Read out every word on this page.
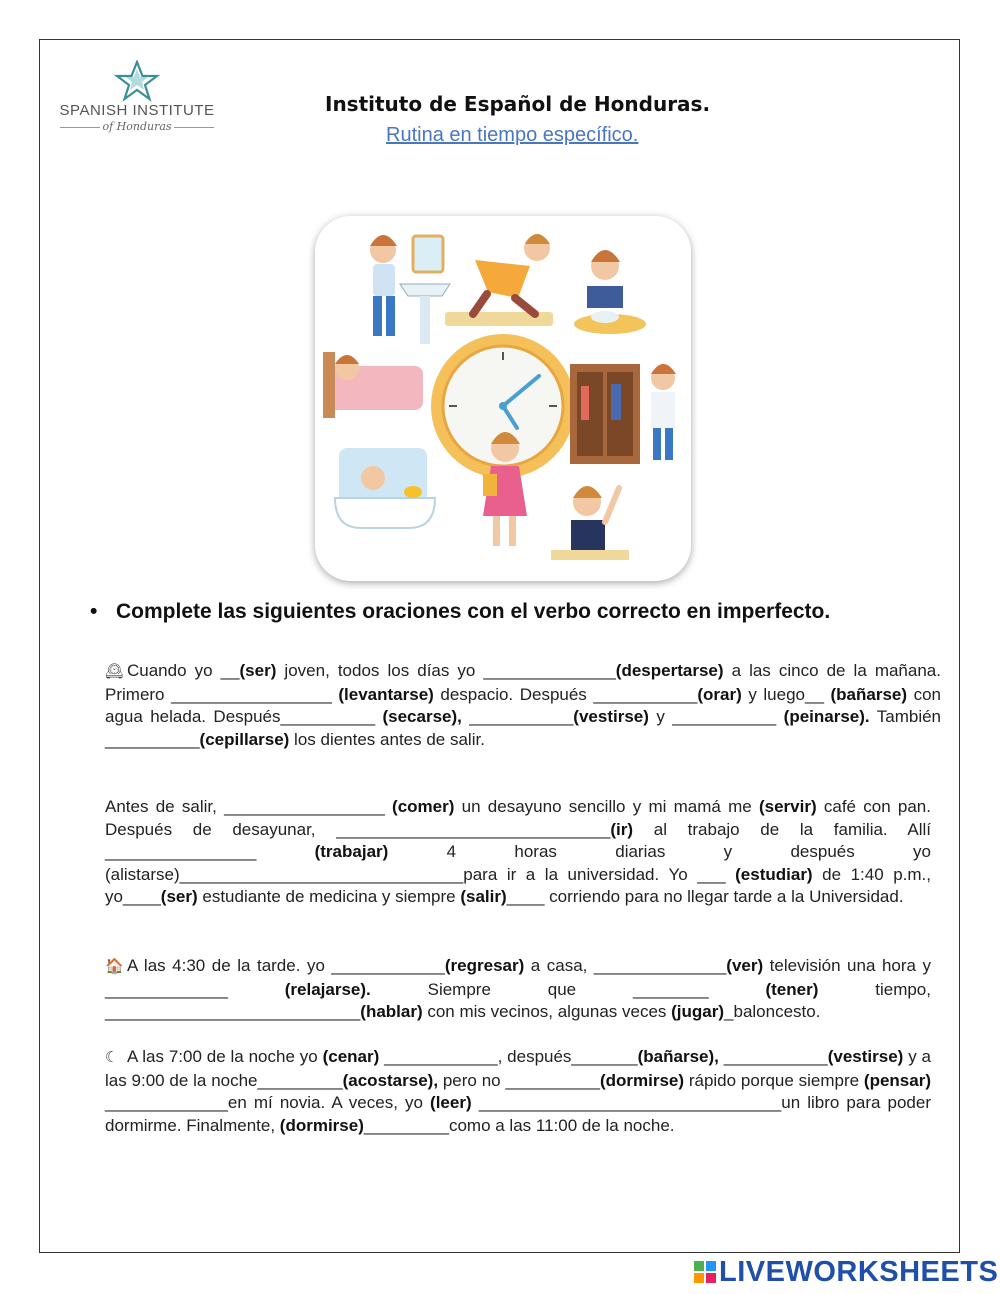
SPANISH INSTITUTE
of Honduras
Instituto de Español de Honduras.
Rutina en tiempo específico.
• Complete las siguientes oraciones con el verbo correcto en imperfecto.
🕰 Cuando yo __(ser) joven, todos los días yo ______________(despertarse) a las cinco de la mañana. Primero _________________ (levantarse) despacio. Después ___________(orar) y luego__ (bañarse) con agua helada. Después__________ (secarse), ___________(vestirse) y ___________ (peinarse). También __________(cepillarse) los dientes antes de salir.
Antes de salir, _________________ (comer) un desayuno sencillo y mi mamá me (servir) café con pan. Después de desayunar, _____________________________(ir) al trabajo de la familia. Allí ________________ (trabajar) 4 horas diarias y después yo (alistarse)______________________________para ir a la universidad. Yo ___ (estudiar) de 1:40 p.m., yo____(ser) estudiante de medicina y siempre (salir)____ corriendo para no llegar tarde a la Universidad.
🏠 A las 4:30 de la tarde. yo ____________(regresar) a casa, ______________(ver) televisión una hora y _____________ (relajarse). Siempre que ________ (tener) tiempo, ___________________________(hablar) con mis vecinos, algunas veces (jugar)_baloncesto.
☾ A las 7:00 de la noche yo (cenar) ____________, después_______(bañarse), ___________(vestirse) y a las 9:00 de la noche_________(acostarse), pero no __________(dormirse) rápido porque siempre (pensar) _____________en mí novia. A veces, yo (leer) ________________________________un libro para poder dormirme. Finalmente, (dormirse)_________como a las 11:00 de la noche.
LIVEWORKSHEETS
